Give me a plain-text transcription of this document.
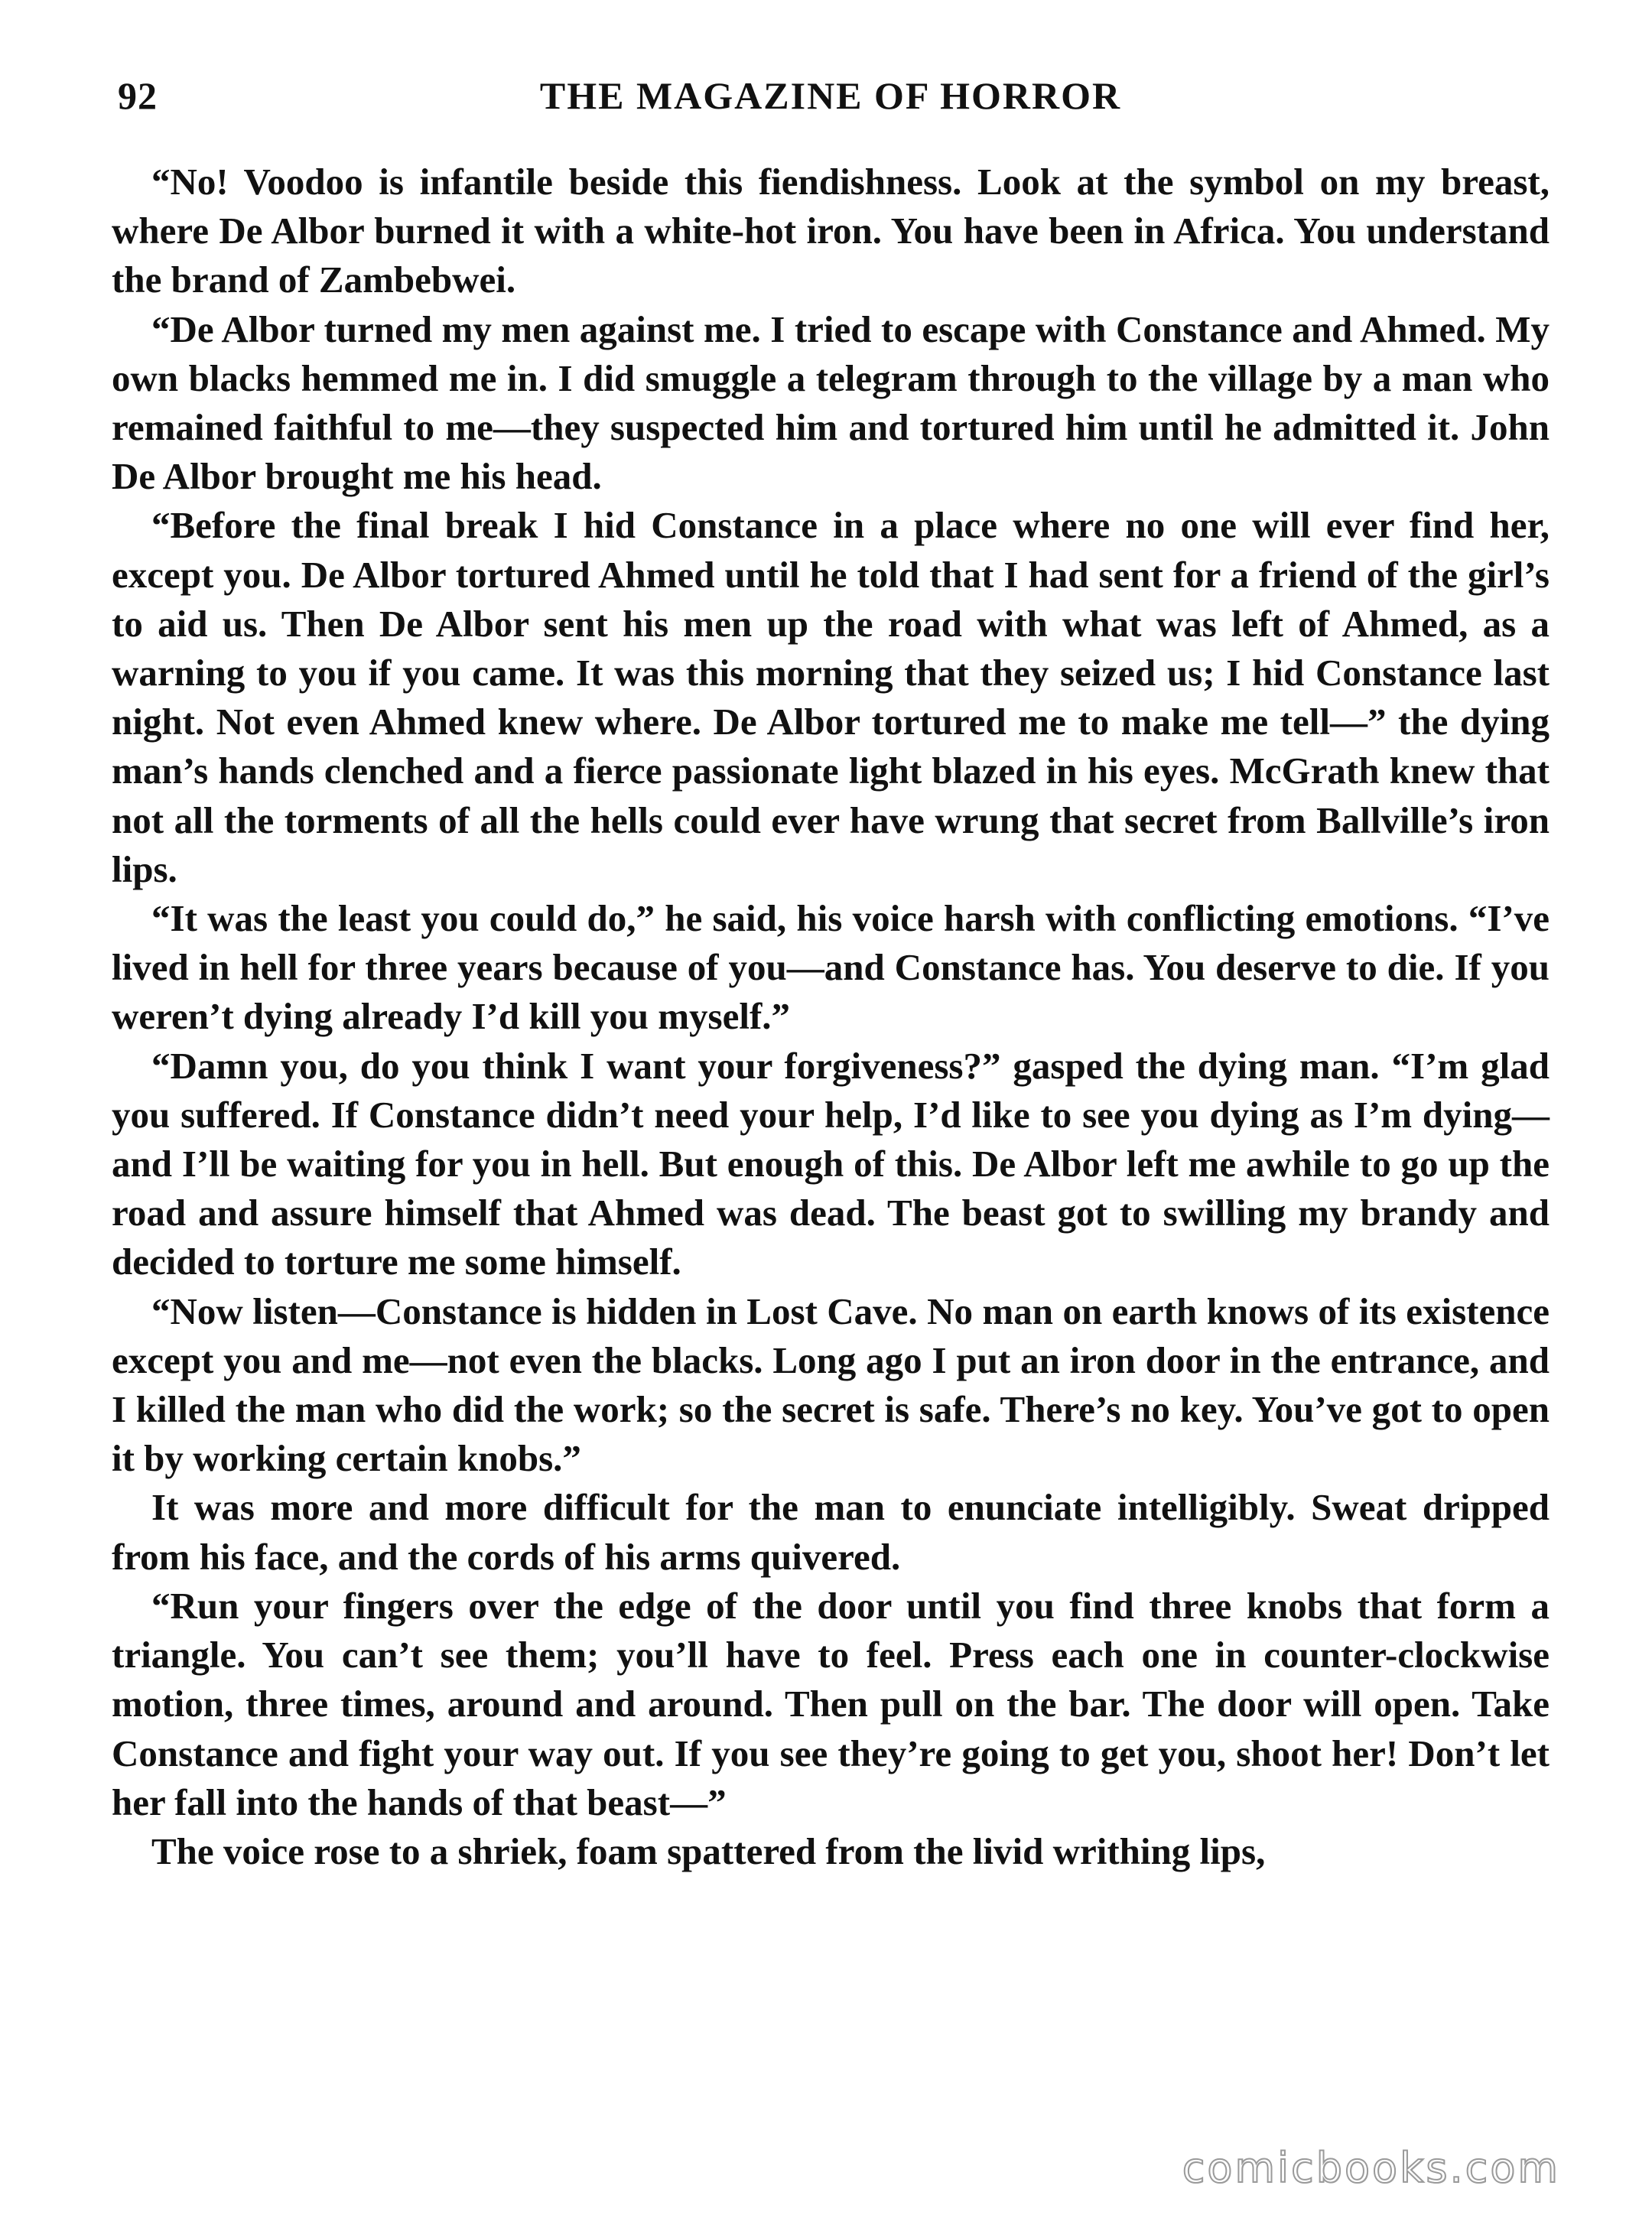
92	THE MAGAZINE OF HORROR

“No! Voodoo is infantile beside this fiendishness. Look at the symbol on my breast, where De Albor burned it with a white-hot iron. You have been in Africa. You understand the brand of Zambebwei.

“De Albor turned my men against me. I tried to escape with Constance and Ahmed. My own blacks hemmed me in. I did smuggle a telegram through to the village by a man who remained faithful to me—they suspected him and tortured him until he admitted it. John De Albor brought me his head.

“Before the final break I hid Constance in a place where no one will ever find her, except you. De Albor tortured Ahmed until he told that I had sent for a friend of the girl’s to aid us. Then De Albor sent his men up the road with what was left of Ahmed, as a warning to you if you came. It was this morning that they seized us; I hid Constance last night. Not even Ahmed knew where. De Albor tortured me to make me tell—” the dying man’s hands clenched and a fierce passionate light blazed in his eyes. McGrath knew that not all the torments of all the hells could ever have wrung that secret from Ballville’s iron lips.

“It was the least you could do,” he said, his voice harsh with conflicting emotions. “I’ve lived in hell for three years because of you—and Constance has. You deserve to die. If you weren’t dying already I’d kill you myself.”

“Damn you, do you think I want your forgiveness?” gasped the dying man. “I’m glad you suffered. If Constance didn’t need your help, I’d like to see you dying as I’m dying—and I’ll be waiting for you in hell. But enough of this. De Albor left me awhile to go up the road and assure himself that Ahmed was dead. The beast got to swilling my brandy and decided to torture me some himself.

“Now listen—Constance is hidden in Lost Cave. No man on earth knows of its existence except you and me—not even the blacks. Long ago I put an iron door in the entrance, and I killed the man who did the work; so the secret is safe. There’s no key. You’ve got to open it by working certain knobs.”

It was more and more difficult for the man to enunciate intelligibly. Sweat dripped from his face, and the cords of his arms quivered.

“Run your fingers over the edge of the door until you find three knobs that form a triangle. You can’t see them; you’ll have to feel. Press each one in counter-clockwise motion, three times, around and around. Then pull on the bar. The door will open. Take Constance and fight your way out. If you see they’re going to get you, shoot her! Don’t let her fall into the hands of that beast—”

The voice rose to a shriek, foam spattered from the livid writhing lips,

comicbooks.com
